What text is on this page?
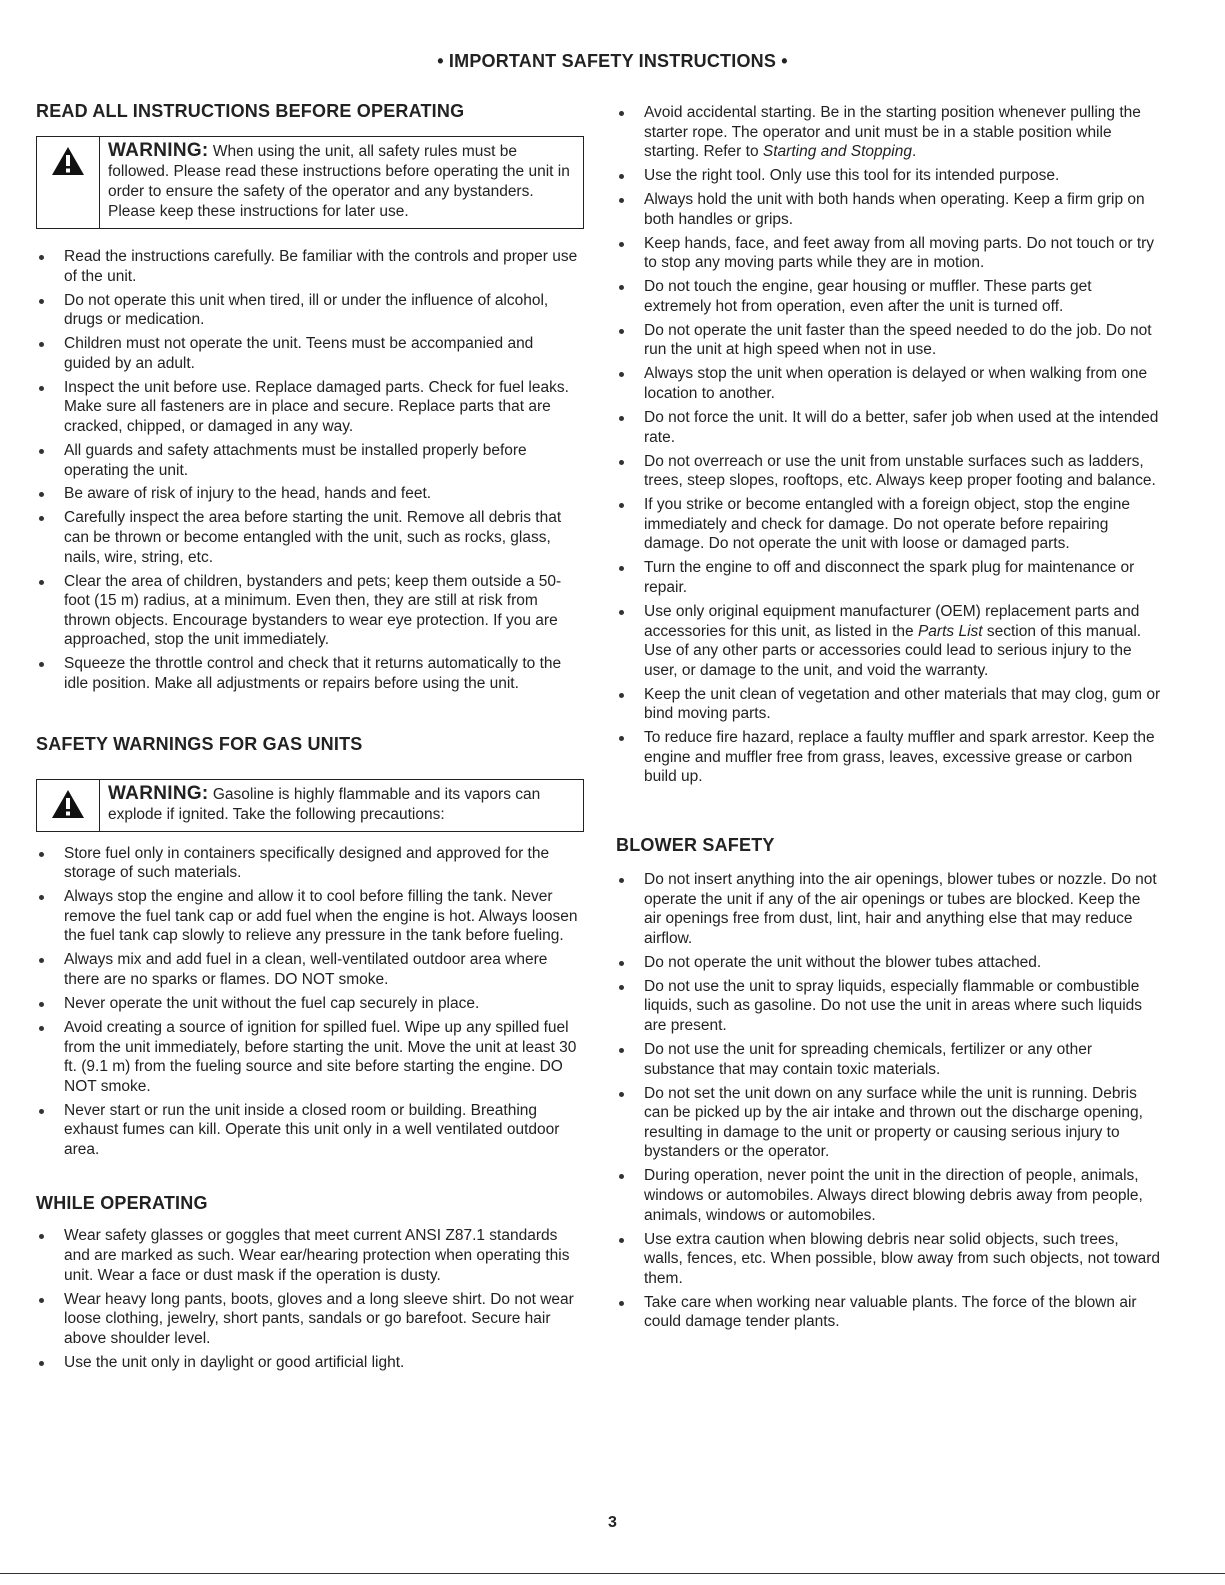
• IMPORTANT SAFETY INSTRUCTIONS •
READ ALL INSTRUCTIONS BEFORE OPERATING
WARNING: When using the unit, all safety rules must be followed. Please read these instructions before operating the unit in order to ensure the safety of the operator and any bystanders. Please keep these instructions for later use.
Read the instructions carefully. Be familiar with the controls and proper use of the unit.
Do not operate this unit when tired, ill or under the influence of alcohol, drugs or medication.
Children must not operate the unit. Teens must be accompanied and guided by an adult.
Inspect the unit before use. Replace damaged parts. Check for fuel leaks. Make sure all fasteners are in place and secure. Replace parts that are cracked, chipped, or damaged in any way.
All guards and safety attachments must be installed properly before operating the unit.
Be aware of risk of injury to the head, hands and feet.
Carefully inspect the area before starting the unit. Remove all debris that can be thrown or become entangled with the unit, such as rocks, glass, nails, wire, string, etc.
Clear the area of children, bystanders and pets; keep them outside a 50-foot (15 m) radius, at a minimum. Even then, they are still at risk from thrown objects. Encourage bystanders to wear eye protection. If you are approached, stop the unit immediately.
Squeeze the throttle control and check that it returns automatically to the idle position. Make all adjustments or repairs before using the unit.
SAFETY WARNINGS FOR GAS UNITS
WARNING: Gasoline is highly flammable and its vapors can explode if ignited. Take the following precautions:
Store fuel only in containers specifically designed and approved for the storage of such materials.
Always stop the engine and allow it to cool before filling the tank. Never remove the fuel tank cap or add fuel when the engine is hot. Always loosen the fuel tank cap slowly to relieve any pressure in the tank before fueling.
Always mix and add fuel in a clean, well-ventilated outdoor area where there are no sparks or flames. DO NOT smoke.
Never operate the unit without the fuel cap securely in place.
Avoid creating a source of ignition for spilled fuel. Wipe up any spilled fuel from the unit immediately, before starting the unit. Move the unit at least 30 ft. (9.1 m) from the fueling source and site before starting the engine. DO NOT smoke.
Never start or run the unit inside a closed room or building. Breathing exhaust fumes can kill. Operate this unit only in a well ventilated outdoor area.
WHILE OPERATING
Wear safety glasses or goggles that meet current ANSI Z87.1 standards and are marked as such. Wear ear/hearing protection when operating this unit. Wear a face or dust mask if the operation is dusty.
Wear heavy long pants, boots, gloves and a long sleeve shirt. Do not wear loose clothing, jewelry, short pants, sandals or go barefoot. Secure hair above shoulder level.
Use the unit only in daylight or good artificial light.
Avoid accidental starting. Be in the starting position whenever pulling the starter rope. The operator and unit must be in a stable position while starting. Refer to Starting and Stopping.
Use the right tool. Only use this tool for its intended purpose.
Always hold the unit with both hands when operating. Keep a firm grip on both handles or grips.
Keep hands, face, and feet away from all moving parts. Do not touch or try to stop any moving parts while they are in motion.
Do not touch the engine, gear housing or muffler. These parts get extremely hot from operation, even after the unit is turned off.
Do not operate the unit faster than the speed needed to do the job. Do not run the unit at high speed when not in use.
Always stop the unit when operation is delayed or when walking from one location to another.
Do not force the unit. It will do a better, safer job when used at the intended rate.
Do not overreach or use the unit from unstable surfaces such as ladders, trees, steep slopes, rooftops, etc. Always keep proper footing and balance.
If you strike or become entangled with a foreign object, stop the engine immediately and check for damage. Do not operate before repairing damage. Do not operate the unit with loose or damaged parts.
Turn the engine to off and disconnect the spark plug for maintenance or repair.
Use only original equipment manufacturer (OEM) replacement parts and accessories for this unit, as listed in the Parts List section of this manual. Use of any other parts or accessories could lead to serious injury to the user, or damage to the unit, and void the warranty.
Keep the unit clean of vegetation and other materials that may clog, gum or bind moving parts.
To reduce fire hazard, replace a faulty muffler and spark arrestor. Keep the engine and muffler free from grass, leaves, excessive grease or carbon build up.
BLOWER SAFETY
Do not insert anything into the air openings, blower tubes or nozzle. Do not operate the unit if any of the air openings or tubes are blocked. Keep the air openings free from dust, lint, hair and anything else that may reduce airflow.
Do not operate the unit without the blower tubes attached.
Do not use the unit to spray liquids, especially flammable or combustible liquids, such as gasoline. Do not use the unit in areas where such liquids are present.
Do not use the unit for spreading chemicals, fertilizer or any other substance that may contain toxic materials.
Do not set the unit down on any surface while the unit is running. Debris can be picked up by the air intake and thrown out the discharge opening, resulting in damage to the unit or property or causing serious injury to bystanders or the operator.
During operation, never point the unit in the direction of people, animals, windows or automobiles. Always direct blowing debris away from people, animals, windows or automobiles.
Use extra caution when blowing debris near solid objects, such trees, walls, fences, etc. When possible, blow away from such objects, not toward them.
Take care when working near valuable plants. The force of the blown air could damage tender plants.
3
